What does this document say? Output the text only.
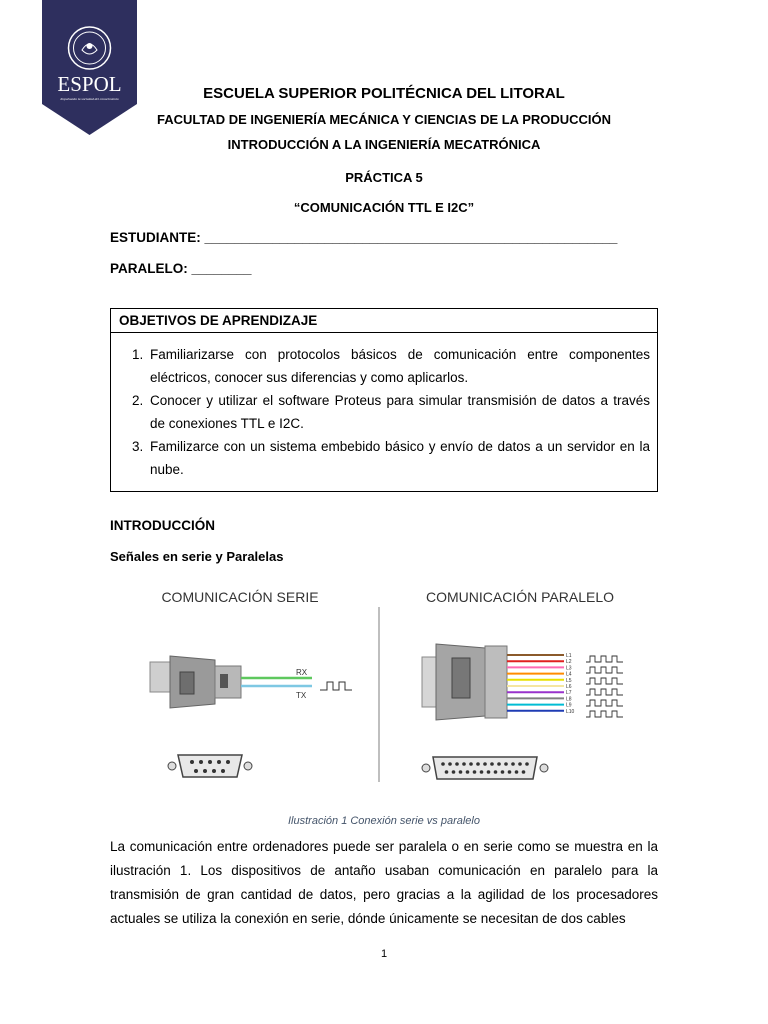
ESPOL
Impulsando la sociedad del conocimiento	ESCUELA SUPERIOR POLITÉCNICA DEL LITORAL
FACULTAD DE INGENIERÍA MECÁNICA Y CIENCIAS DE LA PRODUCCIÓN
INTRODUCCIÓN A LA INGENIERÍA MECATRÓNICA
PRÁCTICA 5
“COMUNICACIÓN TTL E I2C”
ESTUDIANTE: _______________________________________________________
PARALELO: ________
OBJETIVOS DE APRENDIZAJE
1. Familiarizarse con protocolos básicos de comunicación entre componentes eléctricos, conocer sus diferencias y como aplicarlos.
2. Conocer y utilizar el software Proteus para simular transmisión de datos a través de conexiones TTL e I2C.
3. Familizarce con un sistema embebido básico y envío de datos a un servidor en la nube.
INTRODUCCIÓN
Señales en serie y Paralelas
COMUNICACIÓN SERIE	COMUNICACIÓN PARALELO
RX
TX
L1
L2
L3
L4
L5
L6
L7
L8
L9
L10
Ilustración 1 Conexión serie vs paralelo

La comunicación entre ordenadores puede ser paralela o en serie como se muestra en la ilustración 1. Los dispositivos de antaño usaban comunicación en paralelo para la transmisión de gran cantidad de datos, pero gracias a la agilidad de los procesadores actuales se utiliza la conexión en serie, dónde únicamente se necesitan de dos cables

1
